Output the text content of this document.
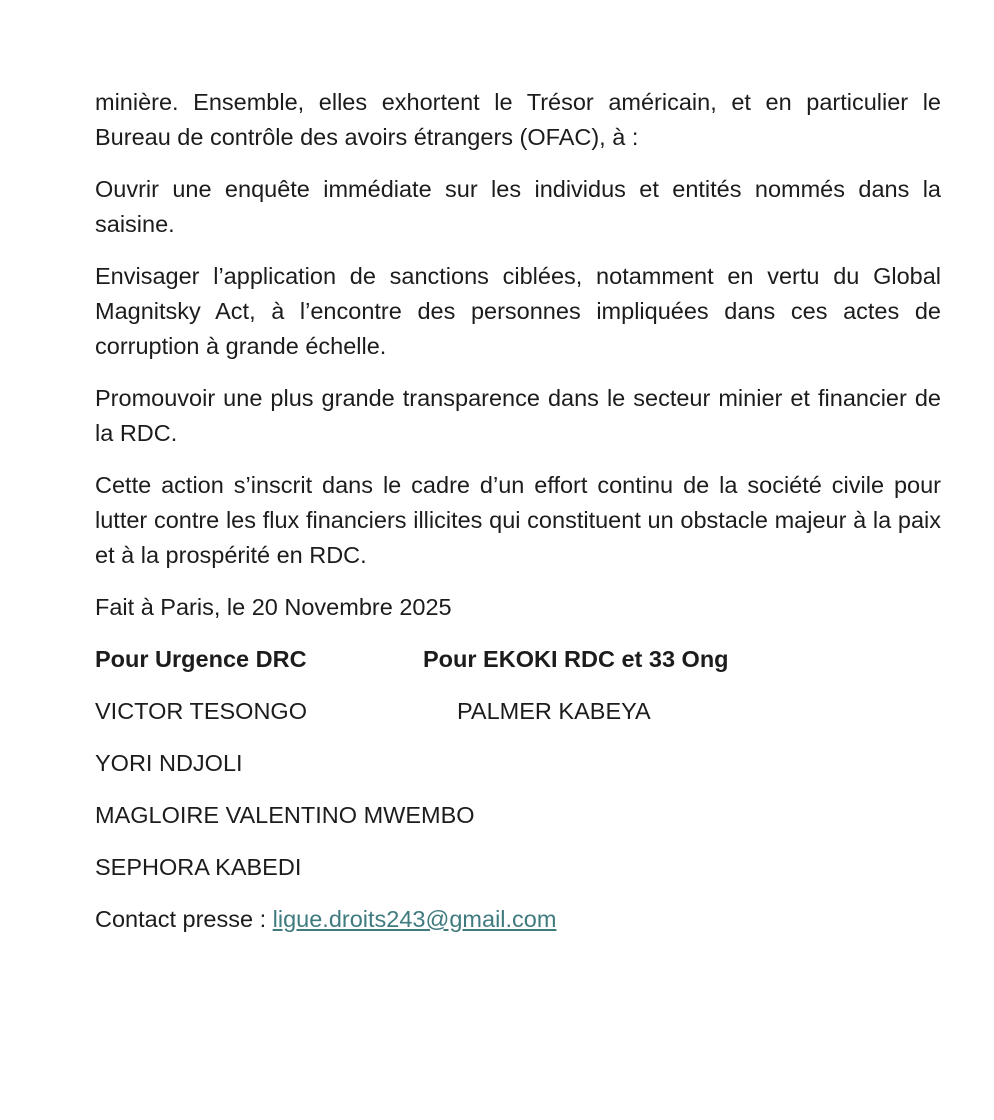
minière. Ensemble, elles exhortent le Trésor américain, et en particulier le Bureau de contrôle des avoirs étrangers (OFAC), à :

Ouvrir une enquête immédiate sur les individus et entités nommés dans la saisine.

Envisager l’application de sanctions ciblées, notamment en vertu du Global Magnitsky Act, à l’encontre des personnes impliquées dans ces actes de corruption à grande échelle.

Promouvoir une plus grande transparence dans le secteur minier et financier de la RDC.

Cette action s’inscrit dans le cadre d’un effort continu de la société civile pour lutter contre les flux financiers illicites qui constituent un obstacle majeur à la paix et à la prospérité en RDC.

Fait à Paris, le 20 Novembre 2025

Pour Urgence DRC	Pour EKOKI RDC et 33 Ong
VICTOR TESONGO	PALMER KABEYA
YORI NDJOLI
MAGLOIRE VALENTINO MWEMBO
SEPHORA KABEDI
Contact presse : ligue.droits243@gmail.com
